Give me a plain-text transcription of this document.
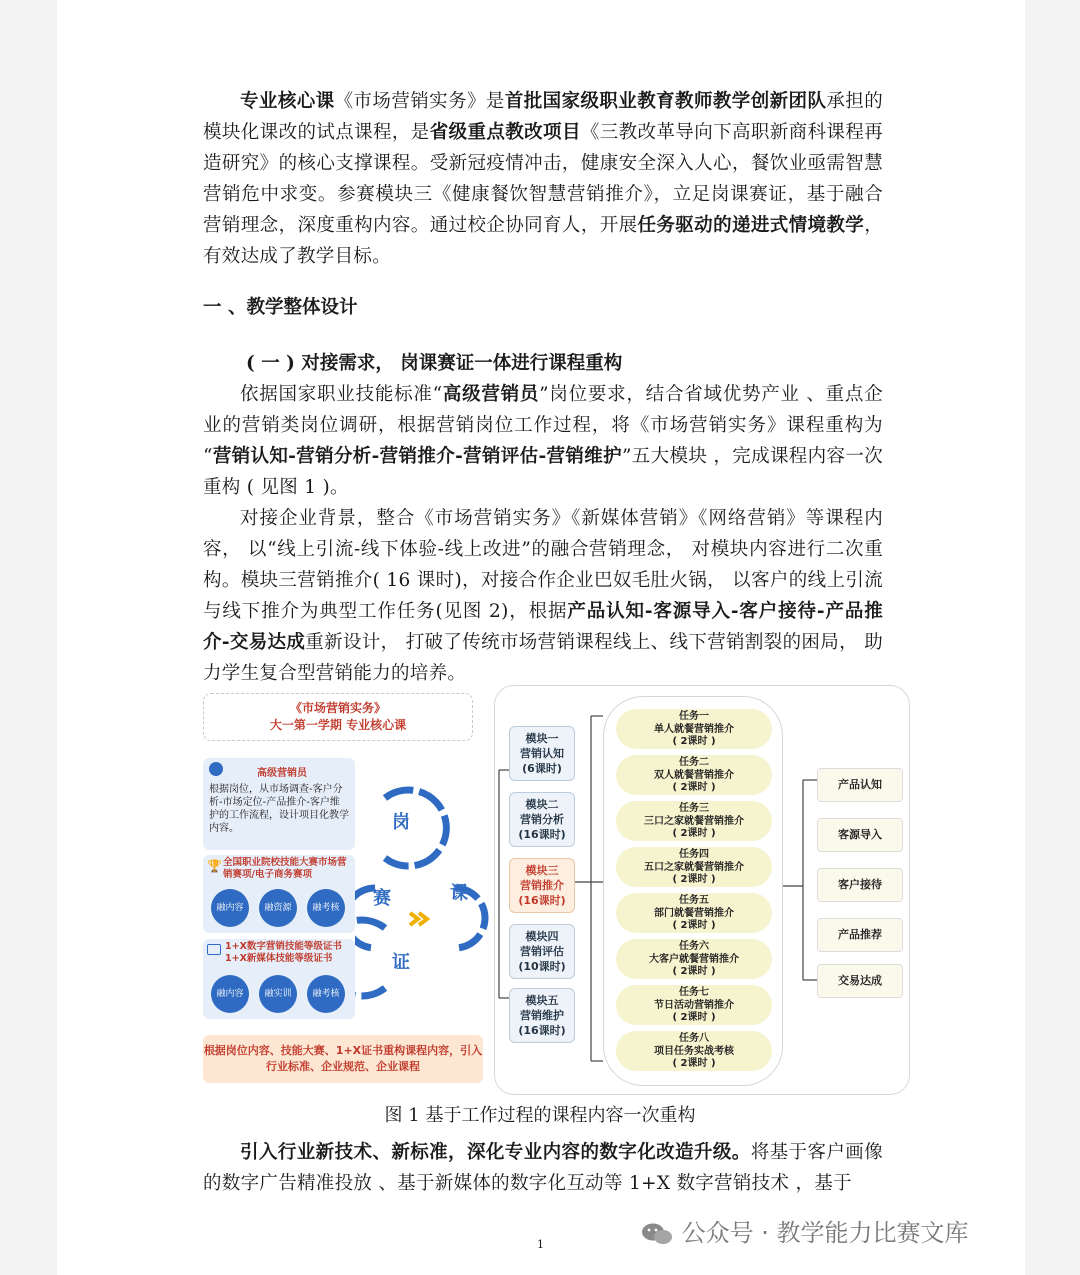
专业核心课《市场营销实务》是首批国家级职业教育教师教学创新团队承担的模块化课改的试点课程，是省级重点教改项目《三教改革导向下高职新商科课程再造研究》的核心支撑课程。受新冠疫情冲击，健康安全深入人心，餐饮业亟需智慧营销危中求变。参赛模块三《健康餐饮智慧营销推介》，立足岗课赛证，基于融合营销理念，深度重构内容。通过校企协同育人，开展任务驱动的递进式情境教学，有效达成了教学目标。
一 、教学整体设计
( 一 ) 对接需求， 岗课赛证一体进行课程重构
依据国家职业技能标准“高级营销员”岗位要求，结合省域优势产业 、重点企业的营销类岗位调研，根据营销岗位工作过程，将《市场营销实务》课程重构为 “营销认知-营销分析-营销推介-营销评估-营销维护”五大模块 ，完成课程内容一次重构 ( 见图 1 )。
对接企业背景，整合《市场营销实务》《新媒体营销》《网络营销》等课程内容， 以“线上引流-线下体验-线上改进”的融合营销理念， 对模块内容进行二次重构。模块三营销推介( 16 课时)，对接合作企业巴奴毛肚火锅， 以客户的线上引流与线下推介为典型工作任务(见图 2)，根据产品认知-客源导入-客户接待-产品推介-交易达成重新设计， 打破了传统市场营销课程线上、线下营销割裂的困局， 助力学生复合型营销能力的培养。
《市场营销实务》
大一第一学期 专业核心课
高级营销员
根据岗位，从市场调查-客户分析-市场定位-产品推介-客户维护的工作流程，设计项目化教学内容。
全国职业院校技能大赛市场营销赛项/电子商务赛项
🏆
融内容	融资源	融考核
1+X数字营销技能等级证书 1+X新媒体技能等级证书
融内容	融实训	融考核
岗
赛	课
证
根据岗位内容、技能大赛、1+X证书重构课程内容，引入行业标准、企业规范、企业课程
模块一
营销认知
(6课时)
模块二
营销分析
(16课时)
模块三
营销推介
(16课时)
模块四
营销评估
(10课时)
模块五
营销维护
(16课时)
任务一
单人就餐营销推介
( 2课时 )
任务二
双人就餐营销推介
( 2课时 )
任务三
三口之家就餐营销推介
( 2课时 )
任务四
五口之家就餐营销推介
( 2课时 )
任务五
部门就餐营销推介
( 2课时 )
任务六
大客户就餐营销推介
( 2课时 )
任务七
节日活动营销推介
( 2课时 )
任务八
项目任务实战考核
( 2课时 )
产品认知
客源导入
客户接待
产品推荐
交易达成
图 1 基于工作过程的课程内容一次重构
引入行业新技术、新标准，深化专业内容的数字化改造升级。将基于客户画像的数字广告精准投放 、基于新媒体的数字化互动等 1+X 数字营销技术 ，基于
1	公众号 · 教学能力比赛文库
